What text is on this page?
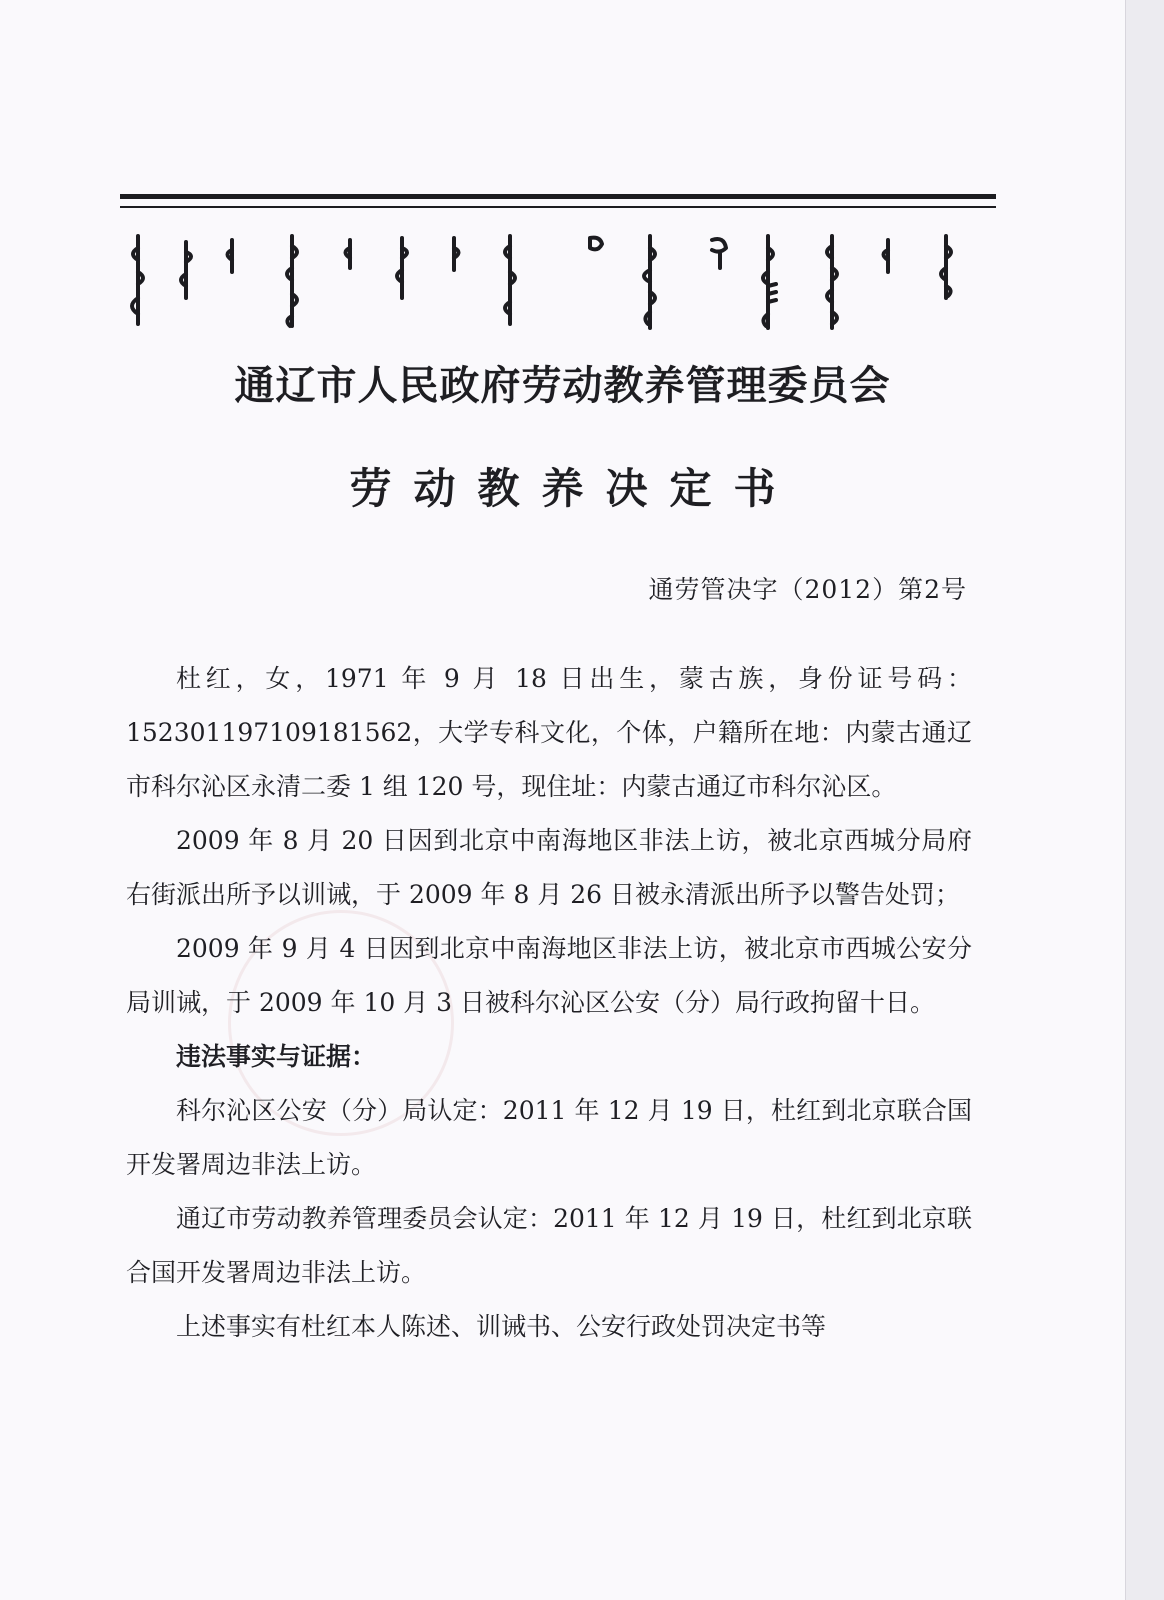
通辽市人民政府劳动教养管理委员会
劳动教养决定书
通劳管决字（2012）第2号

杜红，女，1971 年 9 月 18 日出生，蒙古族，身份证号码：152301197109181562，大学专科文化，个体，户籍所在地：内蒙古通辽市科尔沁区永清二委 1 组 120 号，现住址：内蒙古通辽市科尔沁区。

2009 年 8 月 20 日因到北京中南海地区非法上访，被北京西城分局府右街派出所予以训诫，于 2009 年 8 月 26 日被永清派出所予以警告处罚；

2009 年 9 月 4 日因到北京中南海地区非法上访，被北京市西城公安分局训诫，于 2009 年 10 月 3 日被科尔沁区公安（分）局行政拘留十日。

违法事实与证据：

科尔沁区公安（分）局认定：2011 年 12 月 19 日，杜红到北京联合国开发署周边非法上访。

通辽市劳动教养管理委员会认定：2011 年 12 月 19 日，杜红到北京联合国开发署周边非法上访。

上述事实有杜红本人陈述、训诫书、公安行政处罚决定书等
